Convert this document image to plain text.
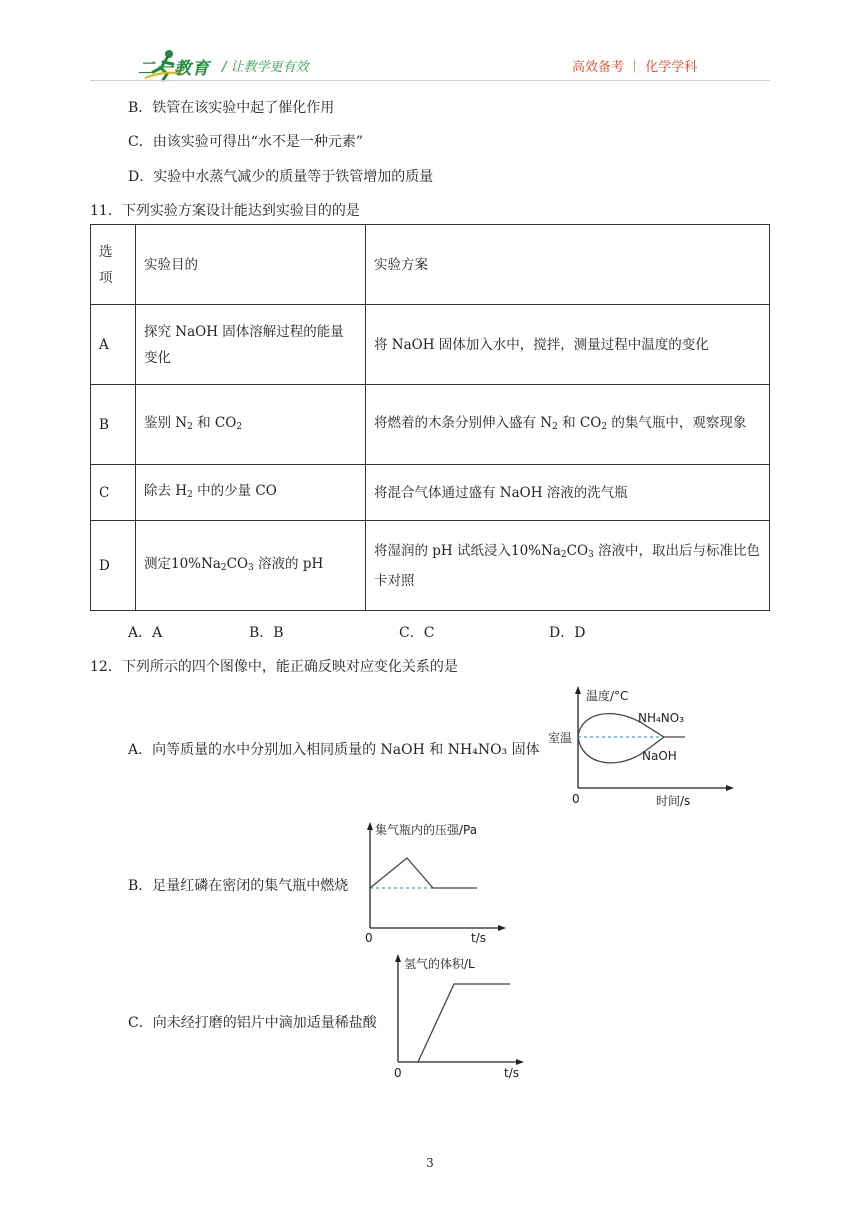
二一教育 / 让教学更有效	高效备考 ｜ 化学学科
B．铁管在该实验中起了催化作用
C．由该实验可得出“水不是一种元素”
D．实验中水蒸气减少的质量等于铁管增加的质量
11．下列实验方案设计能达到实验目的的是
选
项	实验目的	实验方案
A	探究 NaOH 固体溶解过程的能量变化	将 NaOH 固体加入水中，搅拌，测量过程中温度的变化
B	鉴别 $N_2$ 和 $CO_2$	将燃着的木条分别伸入盛有 $N_2$ 和 $CO_2$ 的集气瓶中，观察现象
C	除去 $H_2$ 中的少量 CO	将混合气体通过盛有 NaOH 溶液的洗气瓶
D	测定$10\%Na_2CO_3$ 溶液的 pH	将湿润的 pH 试纸浸入$10\%Na_2CO_3$ 溶液中，取出后与标准比色卡对照
A．A	B．B	C．C	D．D
12．下列所示的四个图像中，能正确反映对应变化关系的是
A．向等质量的水中分别加入相同质量的 NaOH 和 NH₄NO₃ 固体
温度/°C
时间/s
0
室温
NH₄NO₃
NaOH
B．足量红磷在密闭的集气瓶中燃烧
集气瓶内的压强/Pa
t/s
0
C．向未经打磨的铝片中滴加适量稀盐酸
氢气的体积/L
t/s
0
3
